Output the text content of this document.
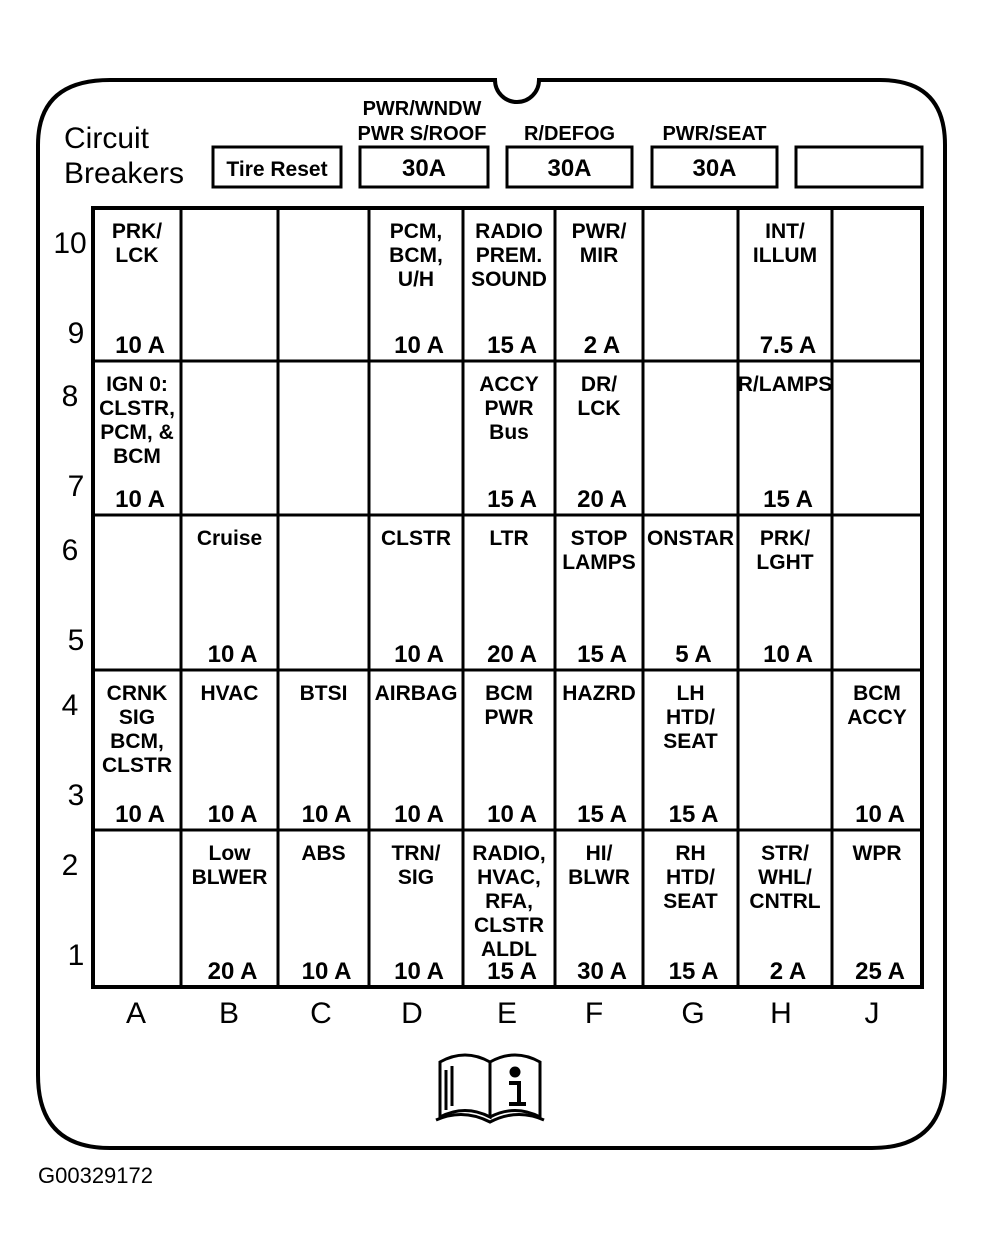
Circuit
Breakers Tire Reset	30A
PWR/WNDW
PWR S/ROOF
30A
R/DEFOG
30A
PWR/SEAT
PRK/
LCK
10 A
PCM,
BCM,
U/H
10 A
RADIO
PREM.
SOUND
15 A
PWR/
MIR
2 A
INT/
ILLUM
7.5 A
IGN 0:
CLSTR,
PCM, &
BCM
10 A
ACCY
PWR
Bus
15 A
DR/
LCK
20 A
R/LAMPS
15 A
Cruise
10 A
CLSTR
10 A
LTR
20 A
STOP
LAMPS
15 A
ONSTAR
5 A
PRK/
LGHT
10 A
CRNK
SIG
BCM,
CLSTR
10 A
HVAC
10 A
BTSI
10 A
AIRBAG
10 A
BCM
PWR
10 A
HAZRD
15 A
LH
HTD/
SEAT
15 A
BCM
ACCY
10 A
Low
BLWER
20 A
ABS
10 A
TRN/
SIG
10 A
RADIO,
HVAC,
RFA,
CLSTR
ALDL
15 A
HI/
BLWR
30 A
RH
HTD/
SEAT
15 A
STR/
WHL/
CNTRL
2 A
WPR
25 A
10
9
8
7
6
5
4
3
2
1
A B C D E F	G H J
G00329172
